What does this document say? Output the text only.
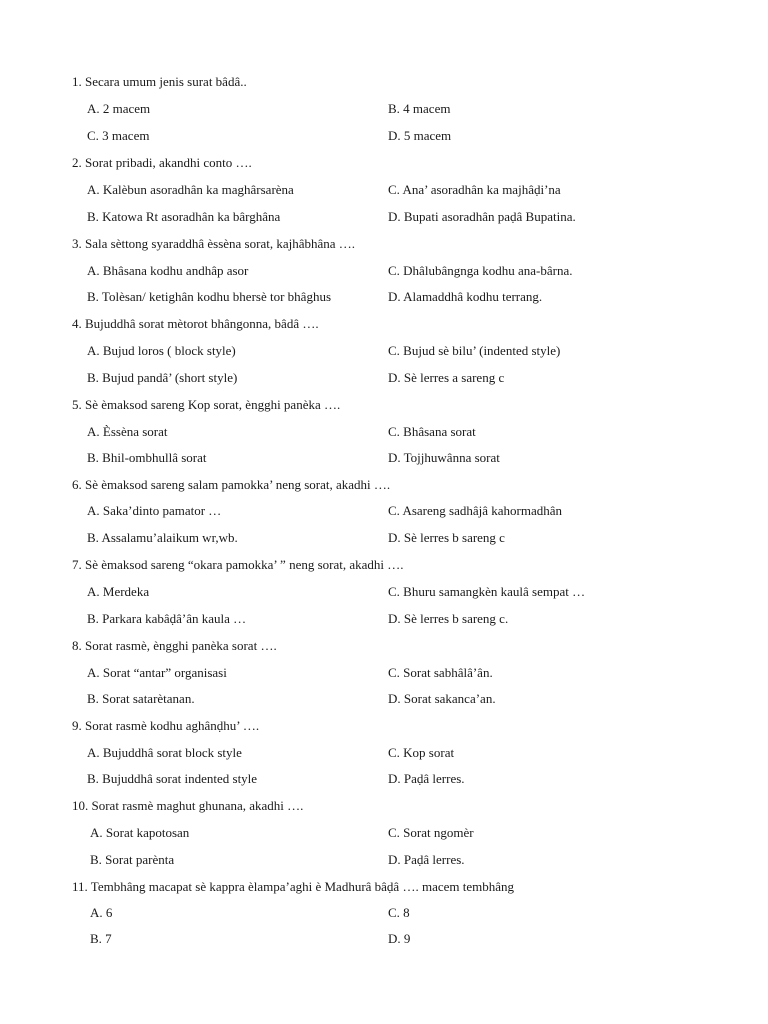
1. Secara umum jenis surat bâdâ..
A. 2 macem	B. 4 macem
C. 3 macem	D. 5 macem
2. Sorat pribadi, akandhi conto ….
A. Kalèbun asoradhân ka maghârsarèna	C. Ana’ asoradhân ka majhâḍi’na
B. Katowa Rt asoradhân ka bârghâna	D. Bupati asoradhân paḍâ Bupatina.
3. Sala sèttong syaraddhâ èssèna sorat, kajhâbhâna ….
A. Bhâsana kodhu andhâp asor	C. Dhâlubângnga kodhu ana-bârna.
B. Tolèsan/ ketighân kodhu bhersè tor bhâghus	D. Alamaddhâ kodhu terrang.
4. Bujuddhâ sorat mètorot bhângonna, bâdâ ….
A. Bujud loros ( block style)	C. Bujud sè bilu’ (indented style)
B. Bujud pandâ’ (short style)	D. Sè lerres a sareng c
5. Sè èmaksod sareng Kop sorat, èngghi panèka ….
A. Èssèna sorat	C. Bhâsana sorat
B. Bhil-ombhullâ sorat	D. Tojjhuwânna sorat
6. Sè èmaksod sareng salam pamokka’ neng sorat, akadhi ….
A. Saka’dinto pamator …	C. Asareng sadhâjâ kahormadhân
B. Assalamu’alaikum wr,wb.	D. Sè lerres b sareng c
7. Sè èmaksod sareng “okara pamokka’ ” neng sorat, akadhi ….
A. Merdeka	C. Bhuru samangkèn kaulâ sempat …
B. Parkara kabâḍâ’ân kaula …	D. Sè lerres b sareng c.
8. Sorat rasmè, èngghi panèka sorat ….
A. Sorat “antar” organisasi	C. Sorat sabhâlâ’ân.
B. Sorat satarètanan.	D. Sorat sakanca’an.
9. Sorat rasmè kodhu aghânḍhu’ ….
A. Bujuddhâ sorat block style	C. Kop sorat
B. Bujuddhâ sorat indented style	D. Paḍâ lerres.
10. Sorat rasmè maghut ghunana, akadhi ….
A. Sorat kapotosan	C. Sorat ngomèr
B. Sorat parènta	D. Paḍâ lerres.
11. Tembhâng macapat sè kappra èlampa’aghi è Madhurâ bâḍâ …. macem tembhâng
A. 6	C. 8
B. 7	D. 9
